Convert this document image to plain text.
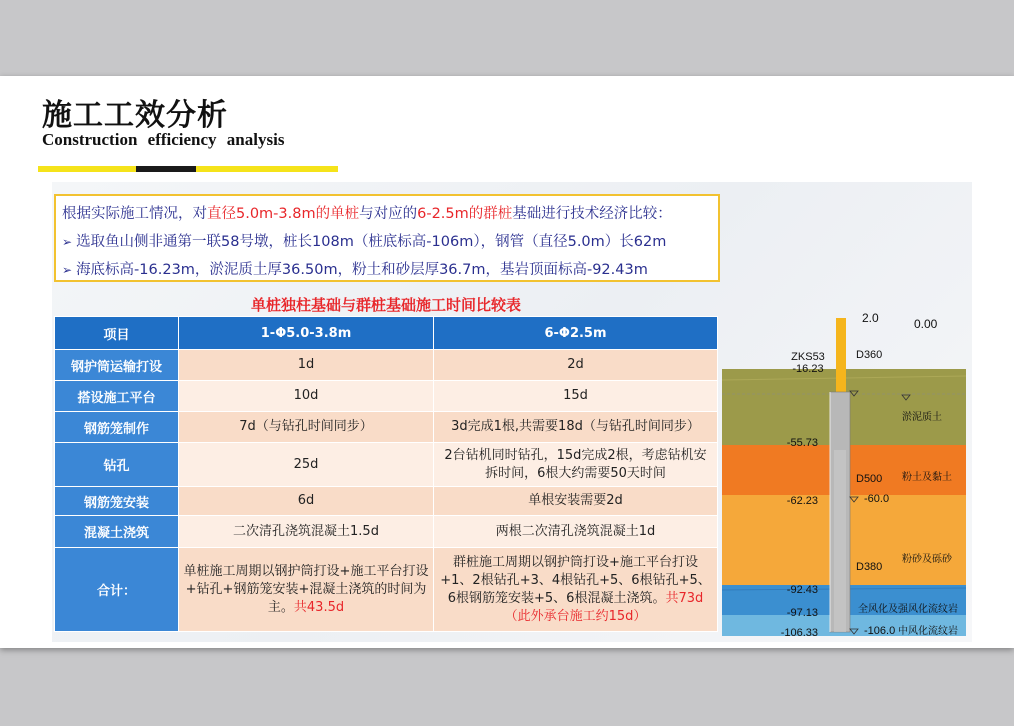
施工工效分析
Construction efficiency analysis
根据实际施工情况，对直径5.0m-3.8m的单桩与对应的6-2.5m的群桩基础进行技术经济比较：
➢ 选取鱼山侧非通第一联58号墩，桩长108m（桩底标高-106m），钢管（直径5.0m）长62m
➢ 海底标高-16.23m，淤泥质土厚36.50m，粉土和砂层厚36.7m，基岩顶面标高-92.43m
单桩独柱基础与群桩基础施工时间比较表
项目	1-Φ5.0-3.8m	6-Φ2.5m
钢护筒运输打设	1d	2d
搭设施工平台	10d	15d
钢筋笼制作	7d（与钻孔时间同步）	3d完成1根,共需要18d（与钻孔时间同步）
钻孔	25d	2台钻机同时钻孔，15d完成2根，考虑钻机安拆时间，6根大约需要50天时间
钢筋笼安装	6d	单根安装需要2d
混凝土浇筑	二次清孔浇筑混凝土1.5d	两根二次清孔浇筑混凝土1d
合计：	单桩施工周期以钢护筒打设+施工平台打设+钻孔+钢筋笼安装+混凝土浇筑的时间为主。共43.5d	群桩施工周期以钢护筒打设+施工平台打设+1、2根钻孔+3、4根钻孔+5、6根钻孔+5、6根钢筋笼安装+5、6根混凝土浇筑。共73d（此外承台施工约15d）
D360
D500
2.0	0.00
ZKS53
-16.23
-55.73
-62.23	-60.0
-92.43
-97.13
-106.33	-106.0
淤泥质土
粉土及黏土
粉砂及砾砂
全风化及强风化流纹岩
中风化流纹岩
D380
